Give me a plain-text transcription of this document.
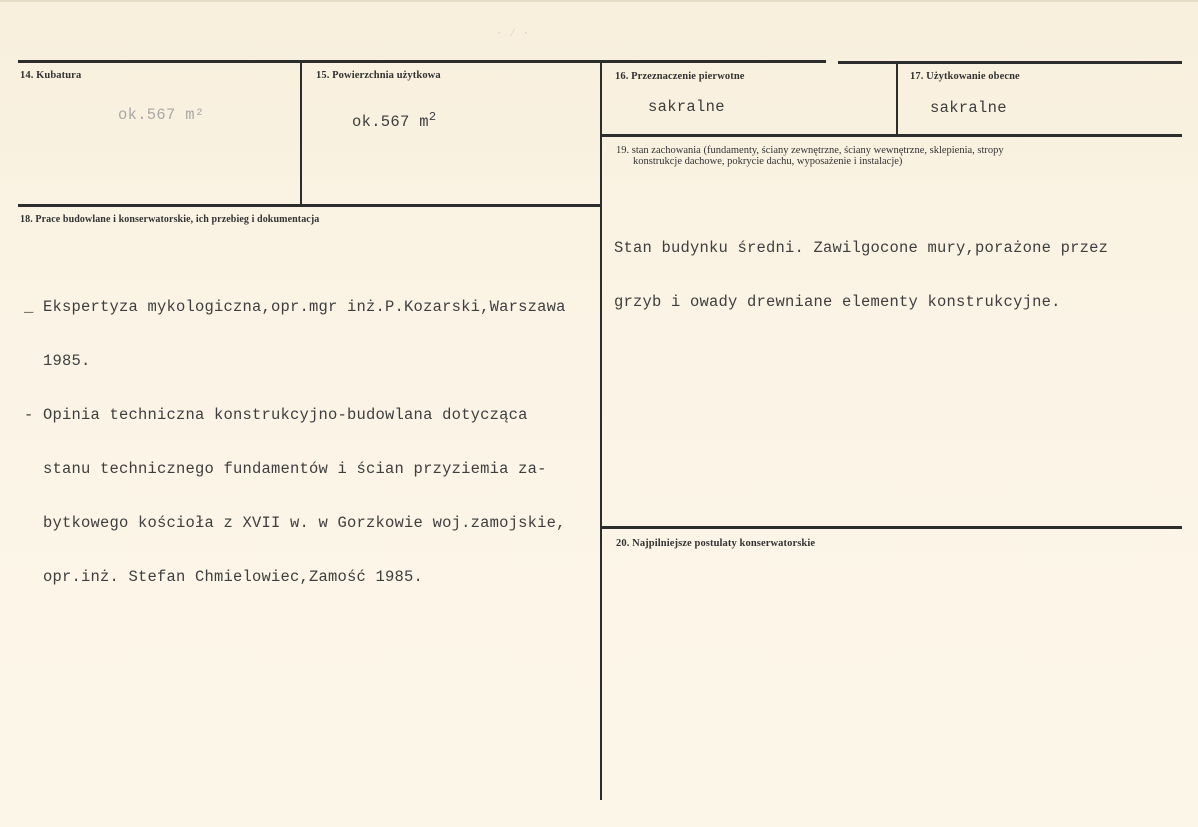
· ⁄ ·
14. Kubatura
ok.567 m²
15. Powierzchnia użytkowa
ok.567 $m^2$
16. Przeznaczenie pierwotne
sakralne
17. Użytkowanie obecne
sakralne
18. Prace budowlane i konserwatorskie, ich przebieg i dokumentacja

_ Ekspertyza mykologiczna,opr.mgr inż.P.Kozarski,Warszawa

1985.

- Opinia techniczna konstrukcyjno-budowlana dotycząca

stanu technicznego fundamentów i ścian przyziemia za-

bytkowego kościoła z XVII w. w Gorzkowie woj.zamojskie,

opr.inż. Stefan Chmielowiec,Zamość 1985.

19. stan zachowania (fundamenty, ściany zewnętrzne, ściany wewnętrzne, sklepienia, stropy
konstrukcje dachowe, pokrycie dachu, wyposażenie i instalacje)

Stan budynku średni. Zawilgocone mury,porażone przez

grzyb i owady drewniane elementy konstrukcyjne.

20. Najpilniejsze postulaty konserwatorskie
